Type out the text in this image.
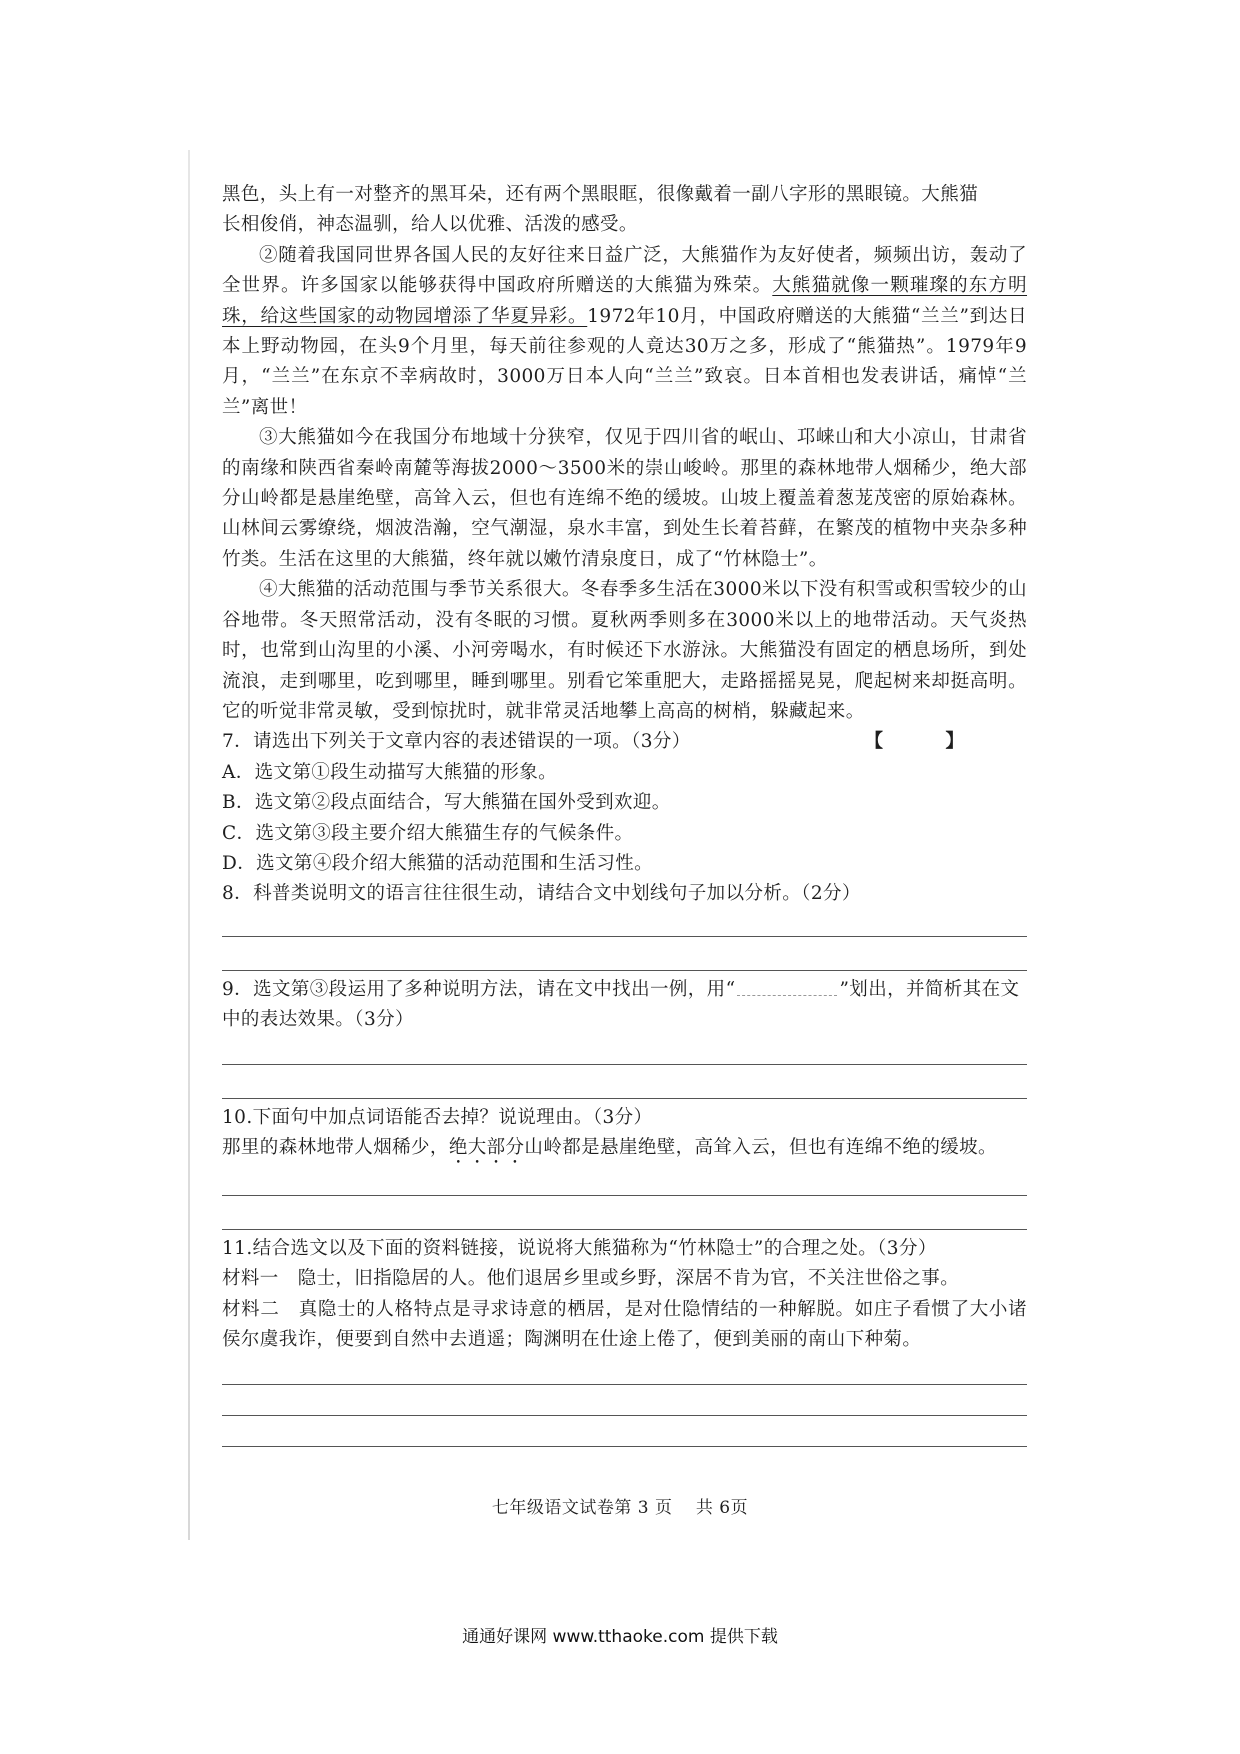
黑色，头上有一对整齐的黑耳朵，还有两个黑眼眶，很像戴着一副八字形的黑眼镜。大熊猫

长相俊俏，神态温驯，给人以优雅、活泼的感受。

②随着我国同世界各国人民的友好往来日益广泛，大熊猫作为友好使者，频频出访，轰动了全世界。许多国家以能够获得中国政府所赠送的大熊猫为殊荣。大熊猫就像一颗璀璨的东方明珠，给这些国家的动物园增添了华夏异彩。1972年10月，中国政府赠送的大熊猫“兰兰”到达日本上野动物园，在头9个月里，每天前往参观的人竟达30万之多，形成了“熊猫热”。1979年9月，“兰兰”在东京不幸病故时，3000万日本人向“兰兰”致哀。日本首相也发表讲话，痛悼“兰兰”离世！

③大熊猫如今在我国分布地域十分狭窄，仅见于四川省的岷山、邛崃山和大小凉山，甘肃省的南缘和陕西省秦岭南麓等海拔2000～3500米的崇山峻岭。那里的森林地带人烟稀少，绝大部分山岭都是悬崖绝壁，高耸入云，但也有连绵不绝的缓坡。山坡上覆盖着葱茏茂密的原始森林。山林间云雾缭绕，烟波浩瀚，空气潮湿，泉水丰富，到处生长着苔藓，在繁茂的植物中夹杂多种竹类。生活在这里的大熊猫，终年就以嫩竹清泉度日，成了“竹林隐士”。

④大熊猫的活动范围与季节关系很大。冬春季多生活在3000米以下没有积雪或积雪较少的山谷地带。冬天照常活动，没有冬眠的习惯。夏秋两季则多在3000米以上的地带活动。天气炎热时，也常到山沟里的小溪、小河旁喝水，有时候还下水游泳。大熊猫没有固定的栖息场所，到处流浪，走到哪里，吃到哪里，睡到哪里。别看它笨重肥大，走路摇摇晃晃，爬起树来却挺高明。它的听觉非常灵敏，受到惊扰时，就非常灵活地攀上高高的树梢，躲藏起来。

7．请选出下列关于文章内容的表述错误的一项。（3分）	【 】

A．选文第①段生动描写大熊猫的形象。

B．选文第②段点面结合，写大熊猫在国外受到欢迎。

C．选文第③段主要介绍大熊猫生存的气候条件。

D．选文第④段介绍大熊猫的活动范围和生活习性。

8．科普类说明文的语言往往很生动，请结合文中划线句子加以分析。（2分）

9．选文第③段运用了多种说明方法，请在文中找出一例，用“	”划出，并简析其在文中的表达效果。（3分）

10.下面句中加点词语能否去掉？说说理由。（3分）

那里的森林地带人烟稀少，绝大部分山岭都是悬崖绝壁，高耸入云，但也有连绵不绝的缓坡。

11.结合选文以及下面的资料链接，说说将大熊猫称为“竹林隐士”的合理之处。（3分）

材料一　隐士，旧指隐居的人。他们退居乡里或乡野，深居不肯为官，不关注世俗之事。

材料二　真隐士的人格特点是寻求诗意的栖居，是对仕隐情结的一种解脱。如庄子看惯了大小诸侯尔虞我诈，便要到自然中去逍遥；陶渊明在仕途上倦了，便到美丽的南山下种菊。

七年级语文试卷第 3 页　 共 6页
通通好课网 www.tthaoke.com 提供下载
